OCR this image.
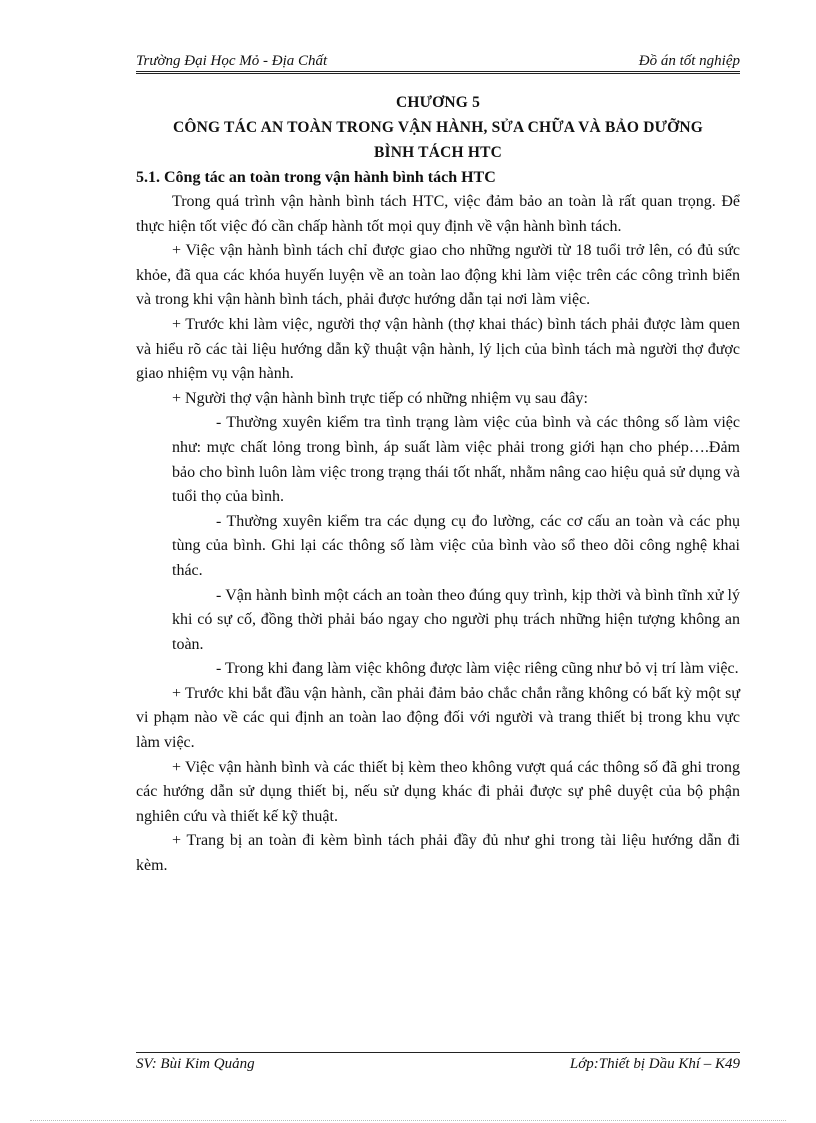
Trường Đại Học Mỏ - Địa Chất	Đồ án tốt nghiệp
CHƯƠNG 5
CÔNG TÁC AN TOÀN TRONG VẬN HÀNH, SỬA CHỮA VÀ BẢO DƯỠNG
BÌNH TÁCH HTC
5.1. Công tác an toàn trong vận hành bình tách HTC

Trong quá trình vận hành bình tách HTC, việc đảm bảo an toàn là rất quan trọng. Để thực hiện tốt việc đó cần chấp hành tốt mọi quy định về vận hành bình tách.

+ Việc vận hành bình tách chỉ được giao cho những người từ 18 tuổi trở lên, có đủ sức khỏe, đã qua các khóa huyến luyện về an toàn lao động khi làm việc trên các công trình biển và trong khi vận hành bình tách, phải được hướng dẫn tại nơi làm việc.

+ Trước khi làm việc, người thợ vận hành (thợ khai thác) bình tách phải được làm quen và hiểu rõ các tài liệu hướng dẫn kỹ thuật vận hành, lý lịch của bình tách mà người thợ được giao nhiệm vụ vận hành.

+ Người thợ vận hành bình trực tiếp có những nhiệm vụ sau đây:

- Thường xuyên kiểm tra tình trạng làm việc của bình và các thông số làm việc như: mực chất lỏng trong bình, áp suất làm việc phải trong giới hạn cho phép….Đảm bảo cho bình luôn làm việc trong trạng thái tốt nhất, nhằm nâng cao hiệu quả sử dụng và tuổi thọ của bình.

- Thường xuyên kiểm tra các dụng cụ đo lường, các cơ cấu an toàn và các phụ tùng của bình. Ghi lại các thông số làm việc của bình vào sổ theo dõi công nghệ khai thác.

- Vận hành bình một cách an toàn theo đúng quy trình, kịp thời và bình tĩnh xử lý khi có sự cố, đồng thời phải báo ngay cho người phụ trách những hiện tượng không an toàn.

- Trong khi đang làm việc không được làm việc riêng cũng như bỏ vị trí làm việc.

+ Trước khi bắt đầu vận hành, cần phải đảm bảo chắc chắn rằng không có bất kỳ một sự vi phạm nào về các qui định an toàn lao động đối với người và trang thiết bị trong khu vực làm việc.

+ Việc vận hành bình và các thiết bị kèm theo không vượt quá các thông số đã ghi trong các hướng dẫn sử dụng thiết bị, nếu sử dụng khác đi phải được sự phê duyệt của bộ phận nghiên cứu và thiết kế kỹ thuật.

+ Trang bị an toàn đi kèm bình tách phải đầy đủ như ghi trong tài liệu hướng dẫn đi kèm.

SV: Bùi Kim Quảng	Lớp:Thiết bị Dầu Khí – K49
